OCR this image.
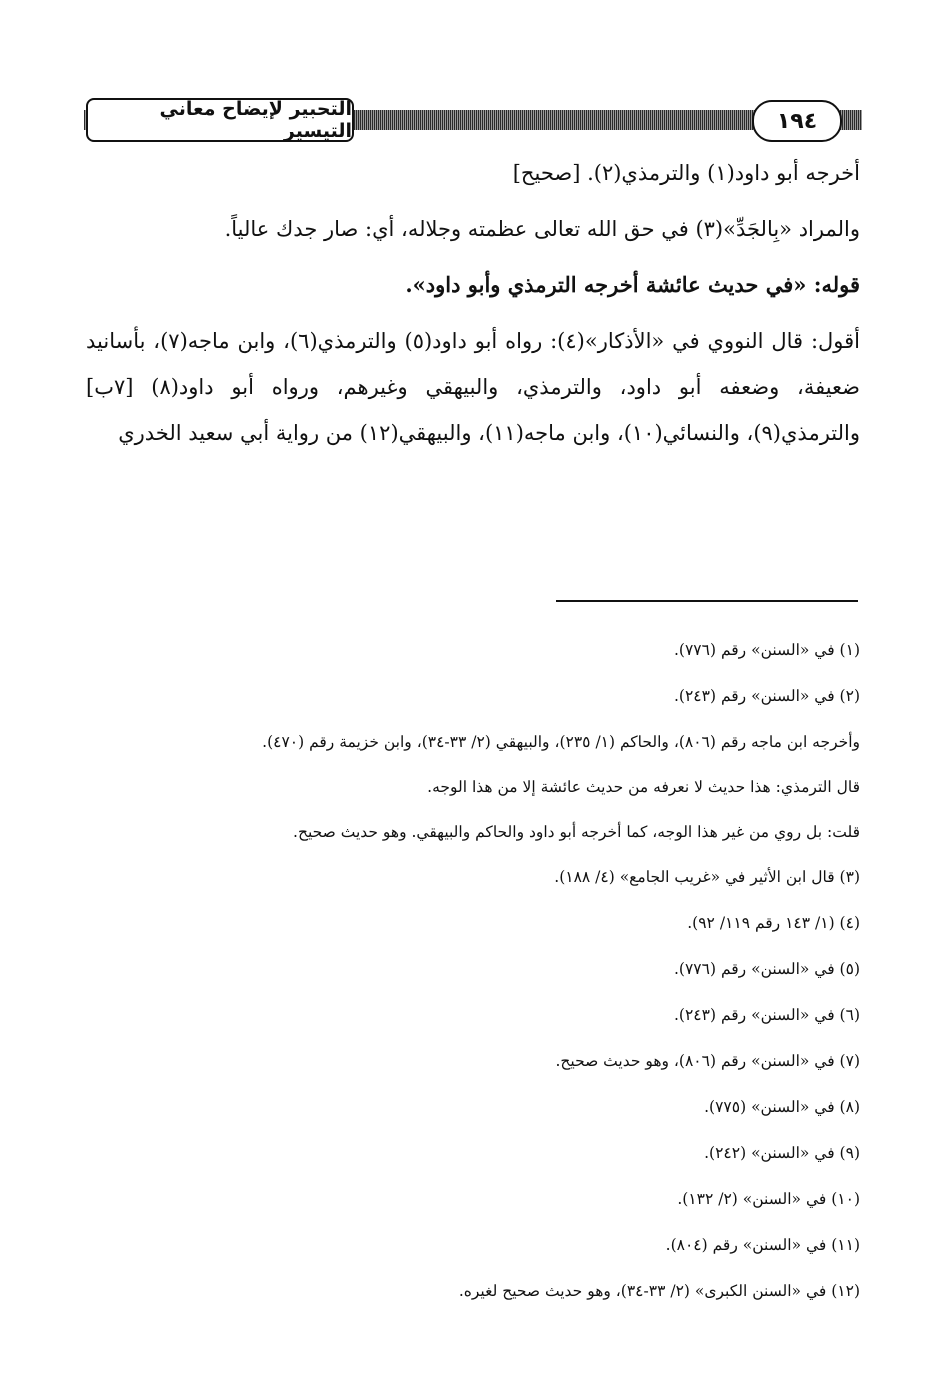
التحبير لإيضاح معاني التيسير	١٩٤

أخرجه أبو داود(١) والترمذي(٢). [صحيح]

والمراد «بِالجَدِّ»(٣) في حق الله تعالى عظمته وجلاله، أي: صار جدك عالياً.

قوله: «في حديث عائشة أخرجه الترمذي وأبو داود».

أقول: قال النووي في «الأذكار»(٤): رواه أبو داود(٥) والترمذي(٦)، وابن ماجه(٧)، بأسانيد ضعيفة، وضعفه أبو داود، والترمذي، والبيهقي وغيرهم، ورواه أبو داود(٨) [٧ب] والترمذي(٩)، والنسائي(١٠)، وابن ماجه(١١)، والبيهقي(١٢) من رواية أبي سعيد الخدري

(١) في «السنن» رقم (٧٧٦).
(٢) في «السنن» رقم (٢٤٣).
وأخرجه ابن ماجه رقم (٨٠٦)، والحاكم (١/ ٢٣٥)، والبيهقي (٢/ ٣٣-٣٤)، وابن خزيمة رقم (٤٧٠).
قال الترمذي: هذا حديث لا نعرفه من حديث عائشة إلا من هذا الوجه.
قلت: بل روي من غير هذا الوجه، كما أخرجه أبو داود والحاكم والبيهقي. وهو حديث صحيح.
(٣) قال ابن الأثير في «غريب الجامع» (٤/ ١٨٨).
(٤) (١/ ١٤٣ رقم ١١٩/ ٩٢).
(٥) في «السنن» رقم (٧٧٦).
(٦) في «السنن» رقم (٢٤٣).
(٧) في «السنن» رقم (٨٠٦)، وهو حديث صحيح.
(٨) في «السنن» (٧٧٥).
(٩) في «السنن» (٢٤٢).
(١٠) في «السنن» (٢/ ١٣٢).
(١١) في «السنن» رقم (٨٠٤).
(١٢) في «السنن الكبرى» (٢/ ٣٣-٣٤)، وهو حديث صحيح لغيره.
